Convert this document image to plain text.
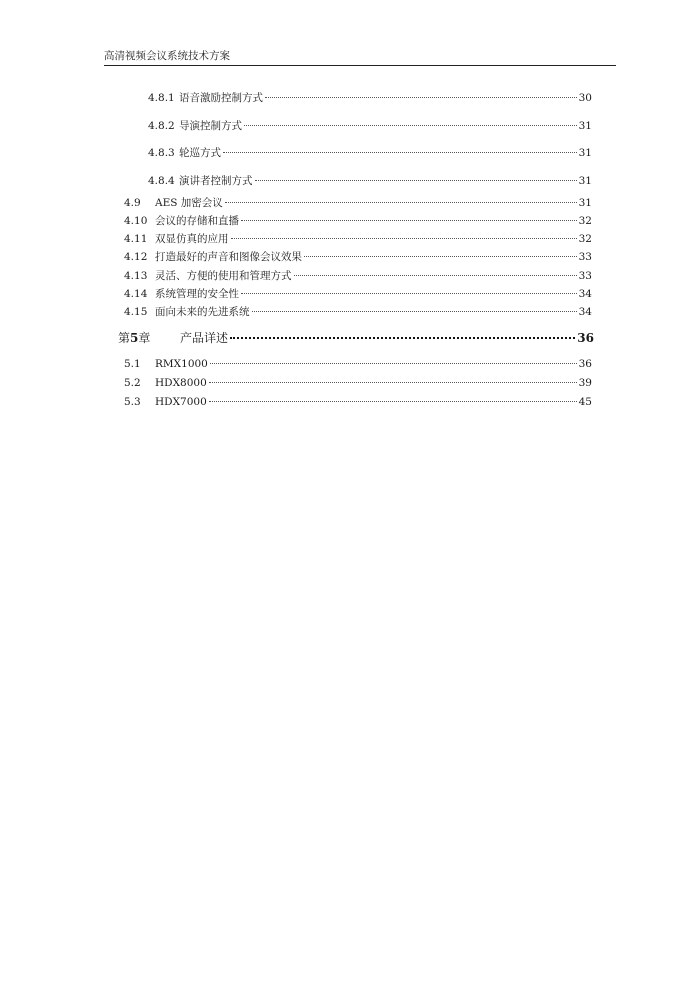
高清视频会议系统技术方案
4.8.1 语音激励控制方式	30
4.8.2 导演控制方式	31
4.8.3 轮巡方式	31
4.8.4 演讲者控制方式	31
4.9	AES 加密会议	31
4.10 会议的存储和直播	32
4.11 双显仿真的应用	32
4.12 打造最好的声音和图像会议效果	33
4.13 灵活、方便的使用和管理方式	33
4.14 系统管理的安全性	34
4.15 面向未来的先进系统	34
第5章	产品详述	36
5.1	RMX1000	36
5.2	HDX8000	39
5.3	HDX7000	45
